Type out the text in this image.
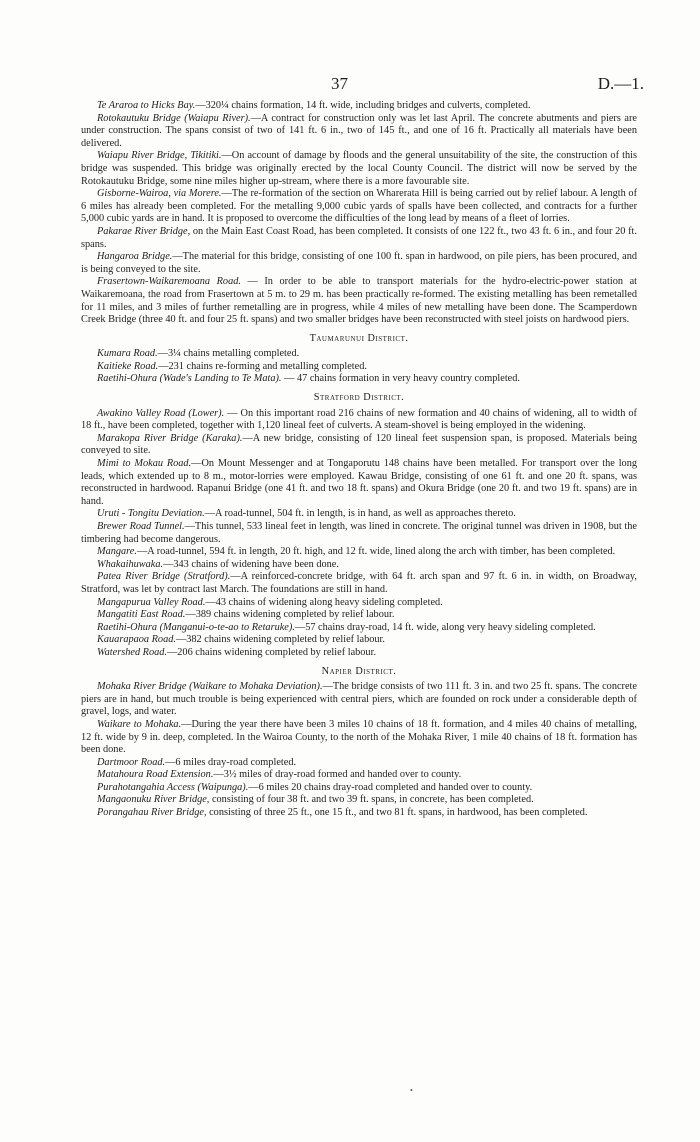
37	D.—1.

Te Araroa to Hicks Bay.—320¼ chains formation, 14 ft. wide, including bridges and culverts, completed.

Rotokautuku Bridge (Waiapu River).—A contract for construction only was let last April. The concrete abutments and piers are under construction. The spans consist of two of 141 ft. 6 in., two of 145 ft., and one of 16 ft. Practically all materials have been delivered.

Waiapu River Bridge, Tikitiki.—On account of damage by floods and the general unsuitability of the site, the construction of this bridge was suspended. This bridge was originally erected by the local County Council. The district will now be served by the Rotokautuku Bridge, some nine miles higher up-stream, where there is a more favourable site.

Gisborne-Wairoa, via Morere.—The re-formation of the section on Wharerata Hill is being carried out by relief labour. A length of 6 miles has already been completed. For the metalling 9,000 cubic yards of spalls have been collected, and contracts for a further 5,000 cubic yards are in hand. It is proposed to overcome the difficulties of the long lead by means of a fleet of lorries.

Pakarae River Bridge, on the Main East Coast Road, has been completed. It consists of one 122 ft., two 43 ft. 6 in., and four 20 ft. spans.

Hangaroa Bridge.—The material for this bridge, consisting of one 100 ft. span in hardwood, on pile piers, has been procured, and is being conveyed to the site.

Frasertown-Waikaremoana Road. — In order to be able to transport materials for the hydro-electric-power station at Waikaremoana, the road from Frasertown at 5 m. to 29 m. has been practically re-formed. The existing metalling has been remetalled for 11 miles, and 3 miles of further remetalling are in progress, while 4 miles of new metalling have been done. The Scamperdown Creek Bridge (three 40 ft. and four 25 ft. spans) and two smaller bridges have been reconstructed with steel joists on hardwood piers.

Taumarunui District.

Kumara Road.—3¼ chains metalling completed.

Kaitieke Road.—231 chains re-forming and metalling completed.

Raetihi-Ohura (Wade's Landing to Te Mata). — 47 chains formation in very heavy country completed.

Stratford District.

Awakino Valley Road (Lower). — On this important road 216 chains of new formation and 40 chains of widening, all to width of 18 ft., have been completed, together with 1,120 lineal feet of culverts. A steam-shovel is being employed in the widening.

Marakopa River Bridge (Karaka).—A new bridge, consisting of 120 lineal feet suspension span, is proposed. Materials being conveyed to site.

Mimi to Mokau Road.—On Mount Messenger and at Tongaporutu 148 chains have been metalled. For transport over the long leads, which extended up to 8 m., motor-lorries were employed. Kawau Bridge, consisting of one 61 ft. and one 20 ft. spans, was reconstructed in hardwood. Rapanui Bridge (one 41 ft. and two 18 ft. spans) and Okura Bridge (one 20 ft. and two 19 ft. spans) are in hand.

Uruti - Tongitu Deviation.—A road-tunnel, 504 ft. in length, is in hand, as well as approaches thereto.

Brewer Road Tunnel.—This tunnel, 533 lineal feet in length, was lined in concrete. The original tunnel was driven in 1908, but the timbering had become dangerous.

Mangare.—A road-tunnel, 594 ft. in length, 20 ft. high, and 12 ft. wide, lined along the arch with timber, has been completed.

Whakaihuwaka.—343 chains of widening have been done.

Patea River Bridge (Stratford).—A reinforced-concrete bridge, with 64 ft. arch span and 97 ft. 6 in. in width, on Broadway, Stratford, was let by contract last March. The foundations are still in hand.

Mangapurua Valley Road.—43 chains of widening along heavy sideling completed.

Mangatiti East Road.—389 chains widening completed by relief labour.

Raetihi-Ohura (Manganui-o-te-ao to Retaruke).—57 chains dray-road, 14 ft. wide, along very heavy sideling completed.

Kauarapaoa Road.—382 chains widening completed by relief labour.

Watershed Road.—206 chains widening completed by relief labour.

Napier District.

Mohaka River Bridge (Waikare to Mohaka Deviation).—The bridge consists of two 111 ft. 3 in. and two 25 ft. spans. The concrete piers are in hand, but much trouble is being experienced with central piers, which are founded on rock under a considerable depth of gravel, logs, and water.

Waikare to Mohaka.—During the year there have been 3 miles 10 chains of 18 ft. formation, and 4 miles 40 chains of metalling, 12 ft. wide by 9 in. deep, completed. In the Wairoa County, to the north of the Mohaka River, 1 mile 40 chains of 18 ft. formation has been done.

Dartmoor Road.—6 miles dray-road completed.

Matahoura Road Extension.—3½ miles of dray-road formed and handed over to county.

Purahotangahia Access (Waipunga).—6 miles 20 chains dray-road completed and handed over to county.

Mangaonuku River Bridge, consisting of four 38 ft. and two 39 ft. spans, in concrete, has been completed.

Porangahau River Bridge, consisting of three 25 ft., one 15 ft., and two 81 ft. spans, in hardwood, has been completed.

•
